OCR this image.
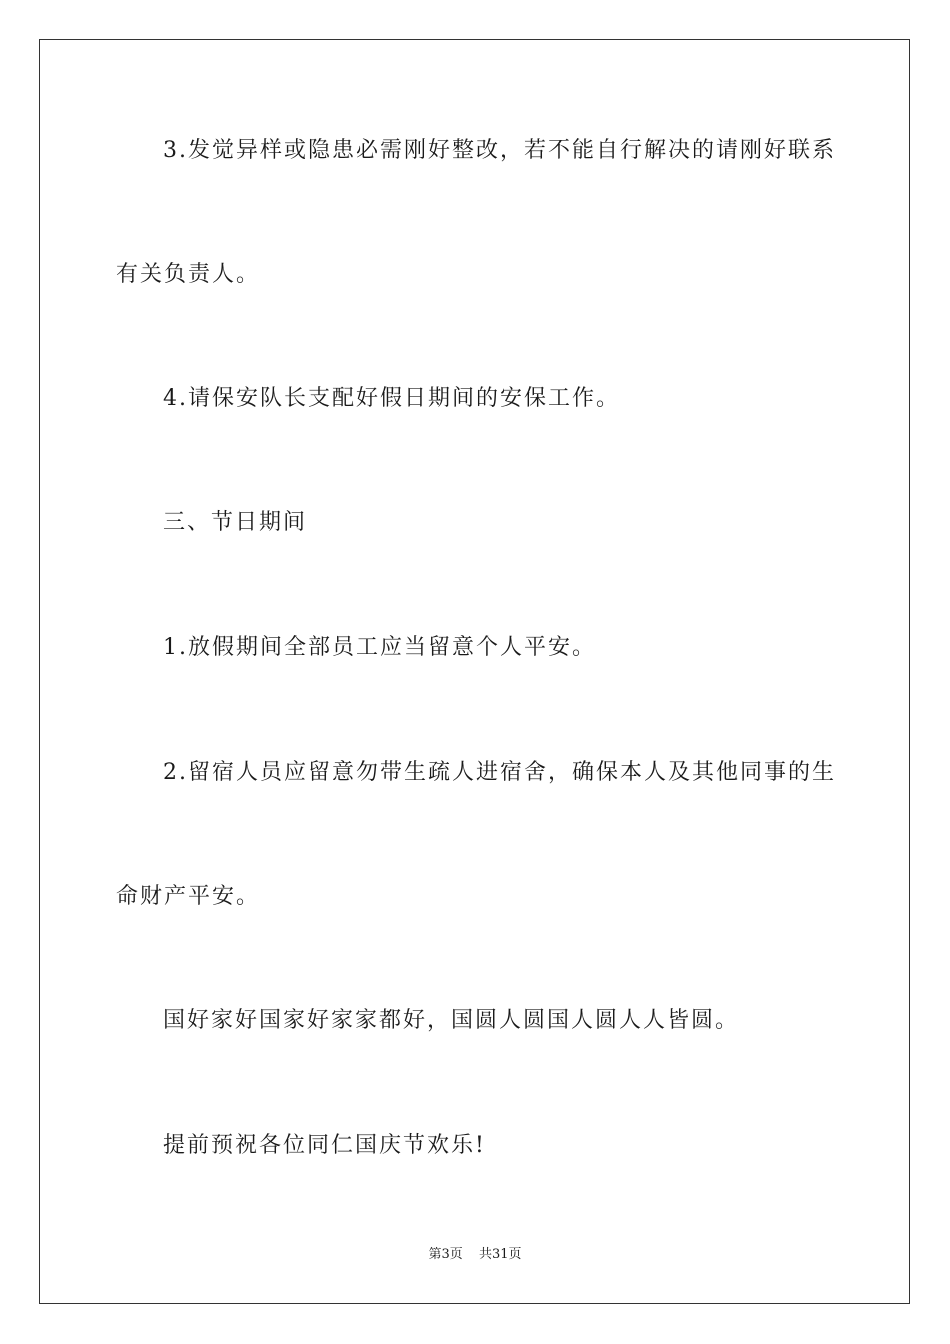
3.发觉异样或隐患必需刚好整改，若不能自行解决的请刚好联系

有关负责人。

4.请保安队长支配好假日期间的安保工作。

三、节日期间

1.放假期间全部员工应当留意个人平安。

2.留宿人员应留意勿带生疏人进宿舍，确保本人及其他同事的生

命财产平安。

国好家好国家好家家都好，国圆人圆国人圆人人皆圆。

提前预祝各位同仁国庆节欢乐!

第3页 共31页
